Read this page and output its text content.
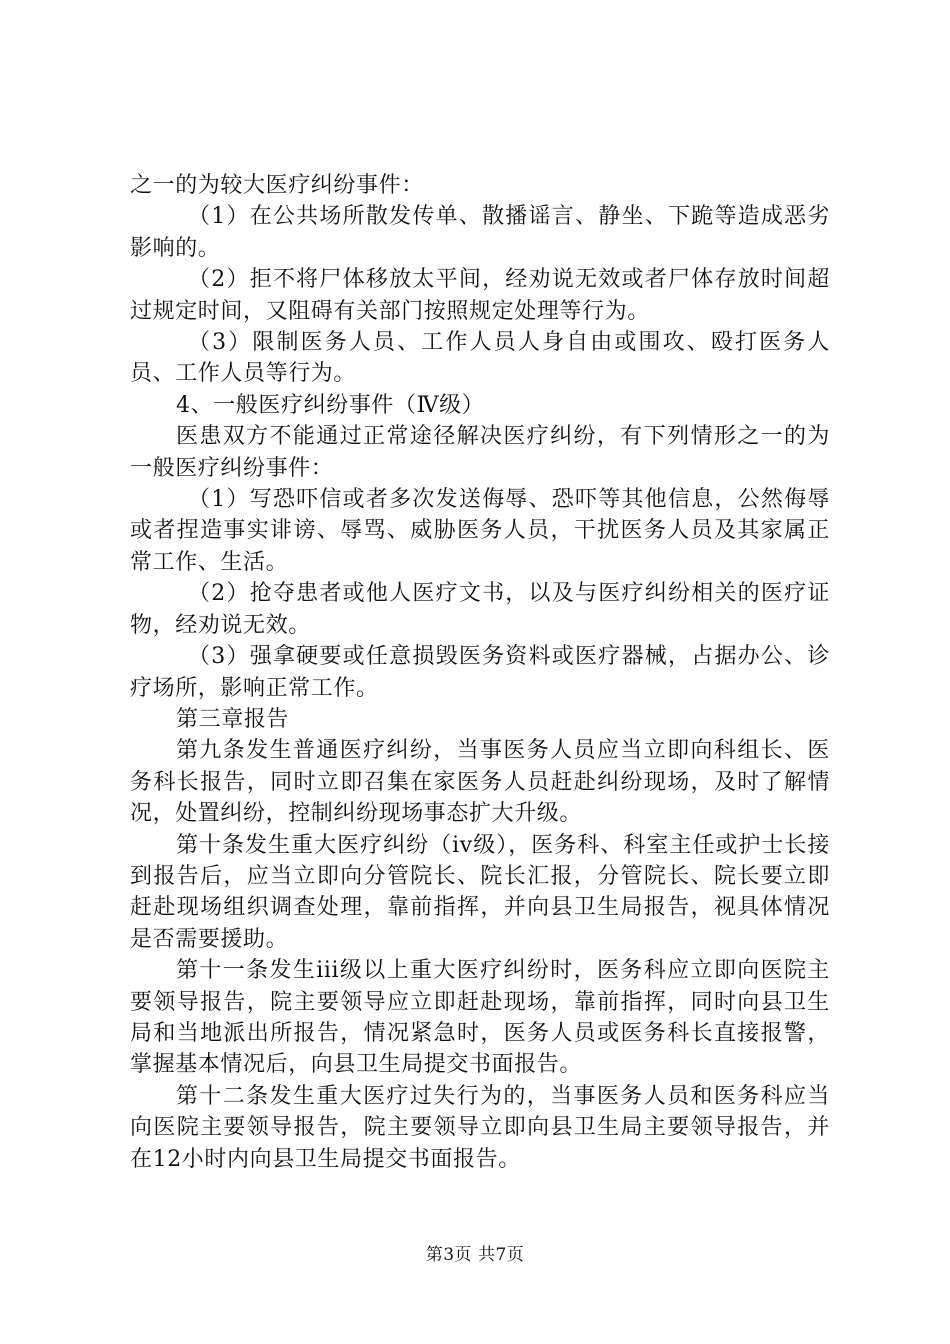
之一的为较大医疗纠纷事件：

（1）在公共场所散发传单、散播谣言、静坐、下跪等造成恶劣影响的。

（2）拒不将尸体移放太平间，经劝说无效或者尸体存放时间超过规定时间，又阻碍有关部门按照规定处理等行为。

（3）限制医务人员、工作人员人身自由或围攻、殴打医务人员、工作人员等行为。

4、一般医疗纠纷事件（Ⅳ级）

医患双方不能通过正常途径解决医疗纠纷，有下列情形之一的为一般医疗纠纷事件：

（1）写恐吓信或者多次发送侮辱、恐吓等其他信息，公然侮辱或者捏造事实诽谤、辱骂、威胁医务人员，干扰医务人员及其家属正常工作、生活。

（2）抢夺患者或他人医疗文书，以及与医疗纠纷相关的医疗证物，经劝说无效。

（3）强拿硬要或任意损毁医务资料或医疗器械，占据办公、诊疗场所，影响正常工作。

第三章报告

第九条发生普通医疗纠纷，当事医务人员应当立即向科组长、医务科长报告，同时立即召集在家医务人员赶赴纠纷现场，及时了解情况，处置纠纷，控制纠纷现场事态扩大升级。

第十条发生重大医疗纠纷（iv级），医务科、科室主任或护士长接到报告后，应当立即向分管院长、院长汇报，分管院长、院长要立即赶赴现场组织调查处理，靠前指挥，并向县卫生局报告，视具体情况是否需要援助。

第十一条发生iii级以上重大医疗纠纷时，医务科应立即向医院主要领导报告，院主要领导应立即赶赴现场，靠前指挥，同时向县卫生局和当地派出所报告，情况紧急时，医务人员或医务科长直接报警，掌握基本情况后，向县卫生局提交书面报告。

第十二条发生重大医疗过失行为的，当事医务人员和医务科应当向医院主要领导报告，院主要领导立即向县卫生局主要领导报告，并在12小时内向县卫生局提交书面报告。

第3页 共7页
